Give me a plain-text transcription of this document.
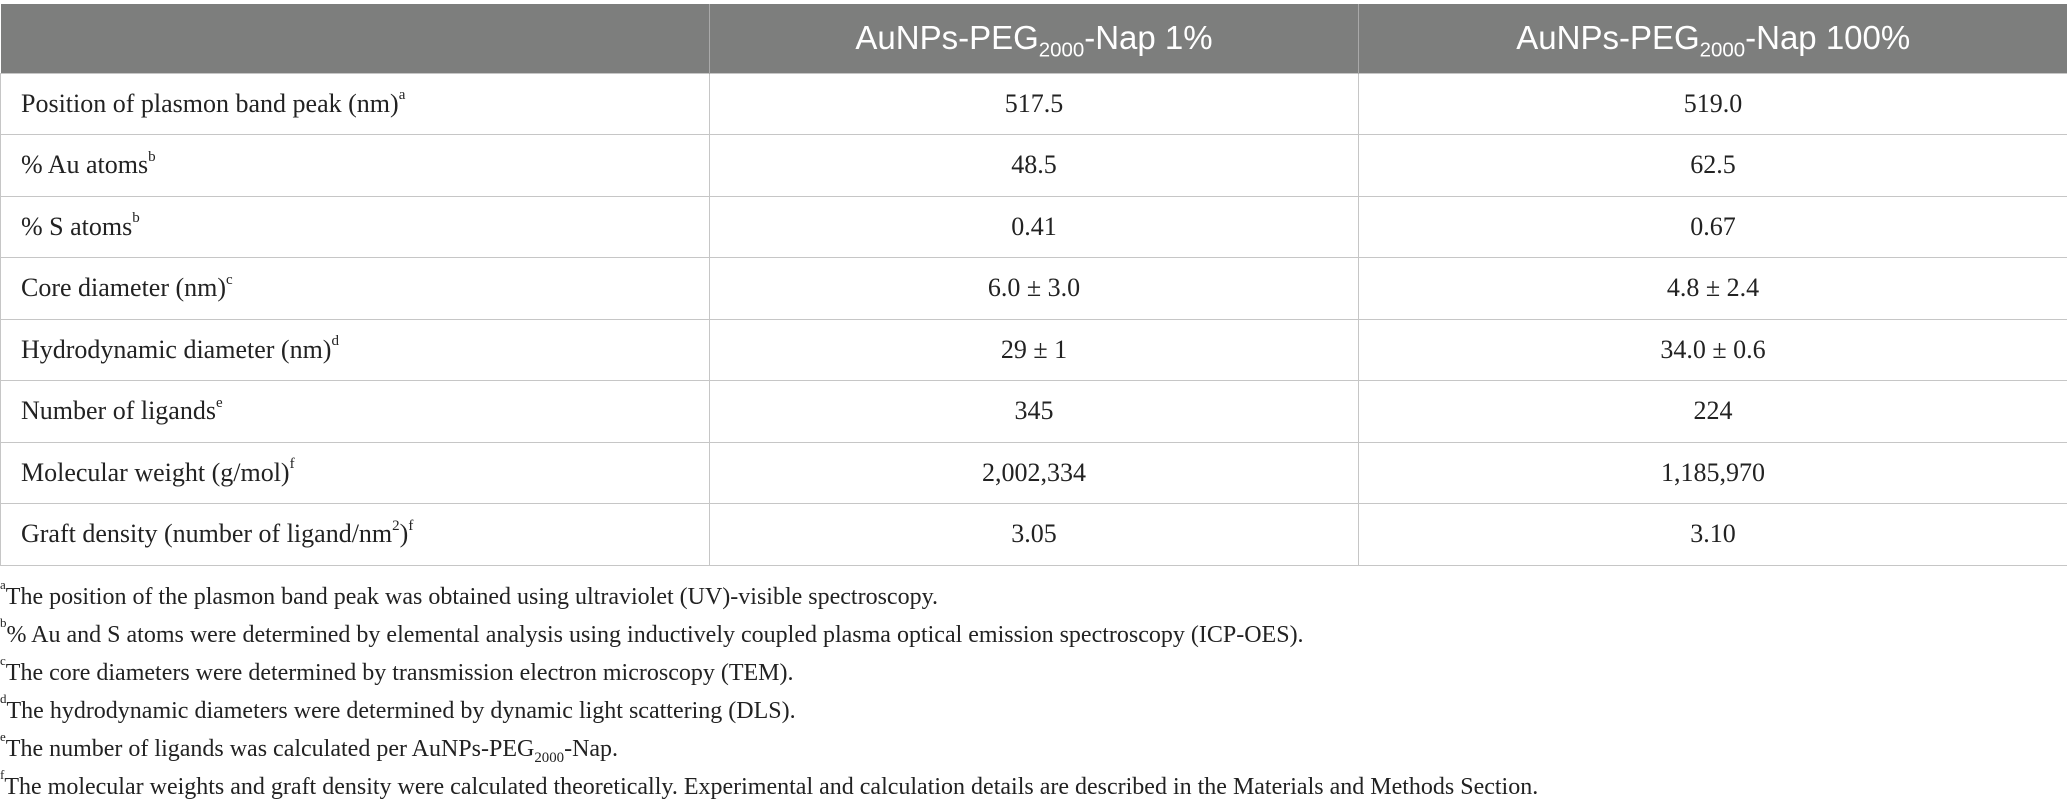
	AuNPs-$PEG_{2000}$-Nap 1%	AuNPs-$PEG_{2000}$-Nap 100%
Position of plasmon band peak (nm)$^a$	517.5	519.0
% Au atoms$^b$	48.5	62.5
% S atoms$^b$	0.41	0.67
Core diameter (nm)$^c$	6.0 ± 3.0	4.8 ± 2.4
Hydrodynamic diameter (nm)$^d$	29 ± 1	34.0 ± 0.6
Number of ligands$^e$	345	224
Molecular weight $(g/mol)^f$	2,002,334	1,185,970
Graft density (number of ligand/$nm^2)^f$	3.05	3.10
$^a$The position of the plasmon band peak was obtained using ultraviolet (UV)-visible spectroscopy.
$^b$% Au and S atoms were determined by elemental analysis using inductively coupled plasma optical emission spectroscopy (ICP-OES).
$^c$The core diameters were determined by transmission electron microscopy (TEM).
$^d$The hydrodynamic diameters were determined by dynamic light scattering (DLS).
$^e$The number of ligands was calculated per AuNPs-$PEG_{2000}$-Nap.
$^f$The molecular weights and graft density were calculated theoretically. Experimental and calculation details are described in the Materials and Methods Section.
